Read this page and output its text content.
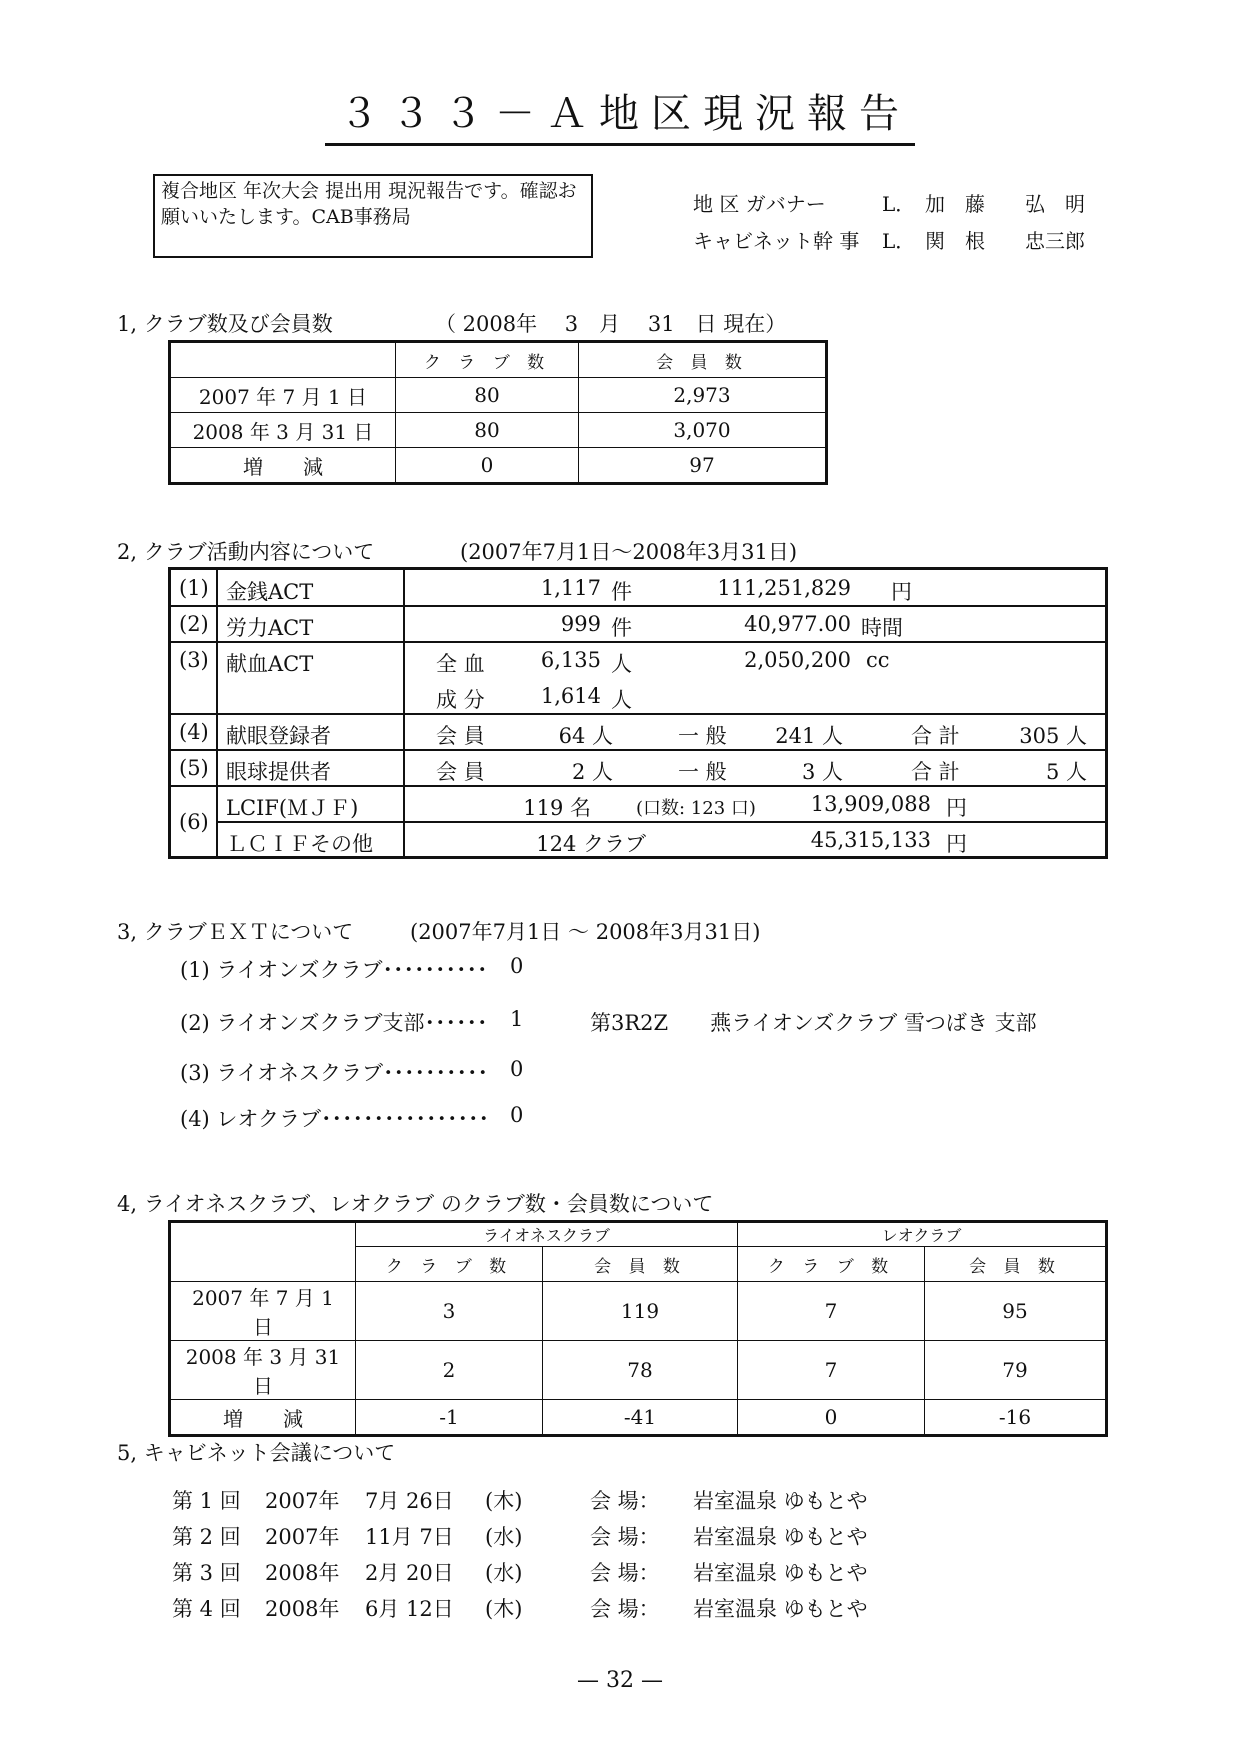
３３３－Ａ地区現況報告
複合地区 年次大会 提出用 現況報告です。確認お願いいたします。CAB事務局
地 区 ガバナー	L． 加　藤 弘　明
キャビネット幹 事 L． 関　根 忠三郎
1, クラブ数及び会員数	（ 2008年　 3　月　 31　日 現在）
	ク ラ ブ 数	会 員 数
2007 年 7 月 1 日	80	2,973
2008 年 3 月 31 日	80	3,070
増　　減	0	97
2, クラブ活動内容について	(2007年7月1日～2008年3月31日)
(1) 金銭ACT	1,117 件	111,251,829 円
(2) 労力ACT	999 件	40,977.00 時間
(3) 献血ACT	全 血	6,135 人	2,050,200 cc
成 分	1,614 人
(4) 献眼登録者	会 員	64 人	一 般	241 人	合 計	305 人
(5) 眼球提供者	会 員	2 人	一 般	3 人	合 計	5 人
(6)
LCIF(ＭＪＦ)	119 名	(口数: 123 口)	13,909,088 円
ＬＣＩＦその他	124 クラブ	45,315,133 円
3, クラブＥＸＴについて	(2007年7月1日 ～ 2008年3月31日)
(1) ライオンズクラブ･･････････ 0
(2) ライオンズクラブ支部･･････ 1	第3R2Z　　燕ライオンズクラブ 雪つばき 支部
(3) ライオネスクラブ･･････････ 0
(4) レオクラブ････････････････ 0
4, ライオネスクラブ、レオクラブ のクラブ数・会員数について
	ライオネスクラブ		レオクラブ	
	ク ラ ブ 数	会 員 数	ク ラ ブ 数	会 員 数
2007 年 7 月 1 日	3	119	7	95
2008 年 3 月 31 日	2	78	7	79
増　　減	-1	-41	0	-16
5, キャビネット会議について
第 1 回 2007年 7月 26日 (木)	会 場： 岩室温泉 ゆもとや
第 2 回 2007年 11月 7日 (水)	会 場： 岩室温泉 ゆもとや
第 3 回 2008年 2月 20日 (水)	会 場： 岩室温泉 ゆもとや
第 4 回 2008年 6月 12日 (木)	会 場： 岩室温泉 ゆもとや
— 32 —
